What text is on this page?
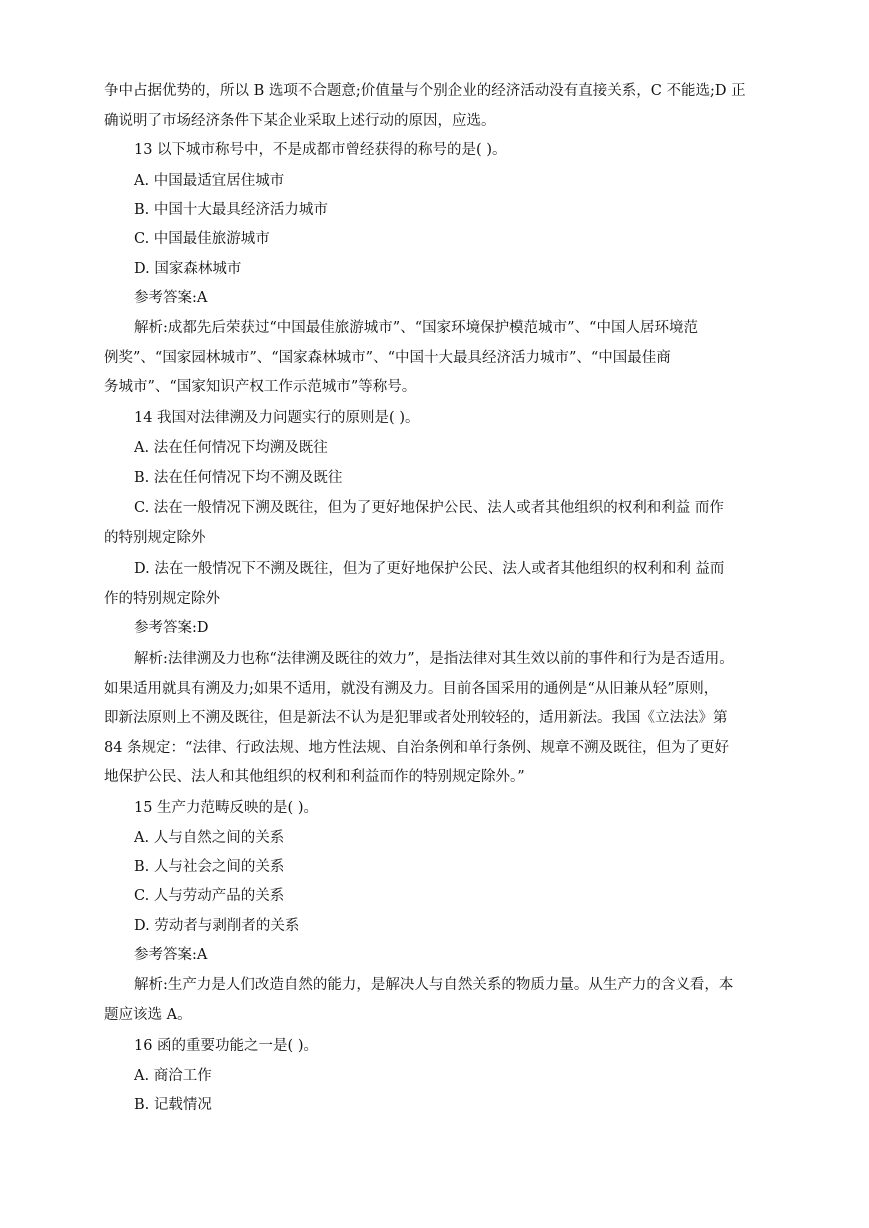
争中占据优势的，所以 B 选项不合题意;价值量与个别企业的经济活动没有直接关系，C 不能选;D 正
确说明了市场经济条件下某企业采取上述行动的原因，应选。
13 以下城市称号中，不是成都市曾经获得的称号的是( )。
A. 中国最适宜居住城市
B. 中国十大最具经济活力城市
C. 中国最佳旅游城市
D. 国家森林城市
参考答案:A
解析:成都先后荣获过“中国最佳旅游城市”、“国家环境保护模范城市”、“中国人居环境范
例奖”、“国家园林城市”、“国家森林城市”、“中国十大最具经济活力城市”、“中国最佳商
务城市”、“国家知识产权工作示范城市”等称号。
14 我国对法律溯及力问题实行的原则是( )。
A. 法在任何情况下均溯及既往
B. 法在任何情况下均不溯及既往
C. 法在一般情况下溯及既往，但为了更好地保护公民、法人或者其他组织的权利和利益 而作
的特别规定除外
D. 法在一般情况下不溯及既往，但为了更好地保护公民、法人或者其他组织的权利和利 益而
作的特别规定除外
参考答案:D
解析:法律溯及力也称“法律溯及既往的效力”，是指法律对其生效以前的事件和行为是否适用。
如果适用就具有溯及力;如果不适用，就没有溯及力。目前各国采用的通例是“从旧兼从轻”原则，
即新法原则上不溯及既往，但是新法不认为是犯罪或者处刑较轻的，适用新法。我国《立法法》第
84 条规定：“法律、行政法规、地方性法规、自治条例和单行条例、规章不溯及既往，但为了更好
地保护公民、法人和其他组织的权利和利益而作的特别规定除外。”
15 生产力范畴反映的是( )。
A. 人与自然之间的关系
B. 人与社会之间的关系
C. 人与劳动产品的关系
D. 劳动者与剥削者的关系
参考答案:A
解析:生产力是人们改造自然的能力，是解决人与自然关系的物质力量。从生产力的含义看，本
题应该选 A。
16 函的重要功能之一是( )。
A. 商洽工作
B. 记载情况
